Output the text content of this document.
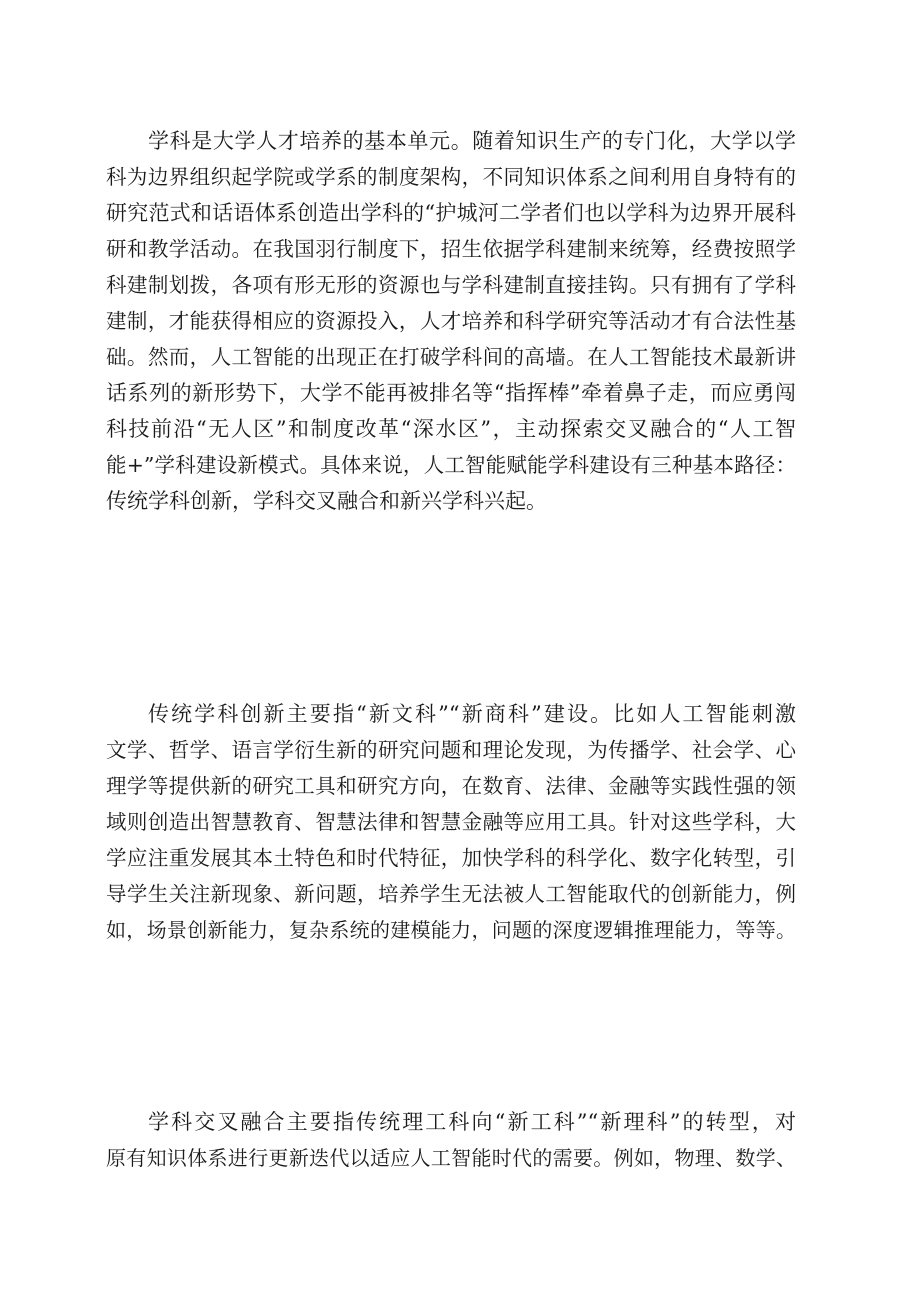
学科是大学人才培养的基本单元。随着知识生产的专门化，大学以学
科为边界组织起学院或学系的制度架构，不同知识体系之间利用自身特有的
研究范式和话语体系创造出学科的“护城河二学者们也以学科为边界开展科
研和教学活动。在我国羽行制度下，招生依据学科建制来统筹，经费按照学
科建制划拨，各项有形无形的资源也与学科建制直接挂钩。只有拥有了学科
建制，才能获得相应的资源投入，人才培养和科学研究等活动才有合法性基
础。然而，人工智能的出现正在打破学科间的高墙。在人工智能技术最新讲
话系列的新形势下，大学不能再被排名等“指挥棒”牵着鼻子走，而应勇闯
科技前沿“无人区”和制度改革“深水区”，主动探索交叉融合的“人工智
能+”学科建设新模式。具体来说，人工智能赋能学科建设有三种基本路径：
传统学科创新，学科交叉融合和新兴学科兴起。
传统学科创新主要指“新文科”“新商科”建设。比如人工智能刺激
文学、哲学、语言学衍生新的研究问题和理论发现，为传播学、社会学、心
理学等提供新的研究工具和研究方向，在数育、法律、金融等实践性强的领
域则创造出智慧教育、智慧法律和智慧金融等应用工具。针对这些学科，大
学应注重发展其本土特色和时代特征，加快学科的科学化、数字化转型，引
导学生关注新现象、新问题，培养学生无法被人工智能取代的创新能力，例
如，场景创新能力，复杂系统的建模能力，问题的深度逻辑推理能力，等等。
学科交叉融合主要指传统理工科向“新工科”“新理科”的转型，对
原有知识体系进行更新迭代以适应人工智能时代的需要。例如，物理、数学、
